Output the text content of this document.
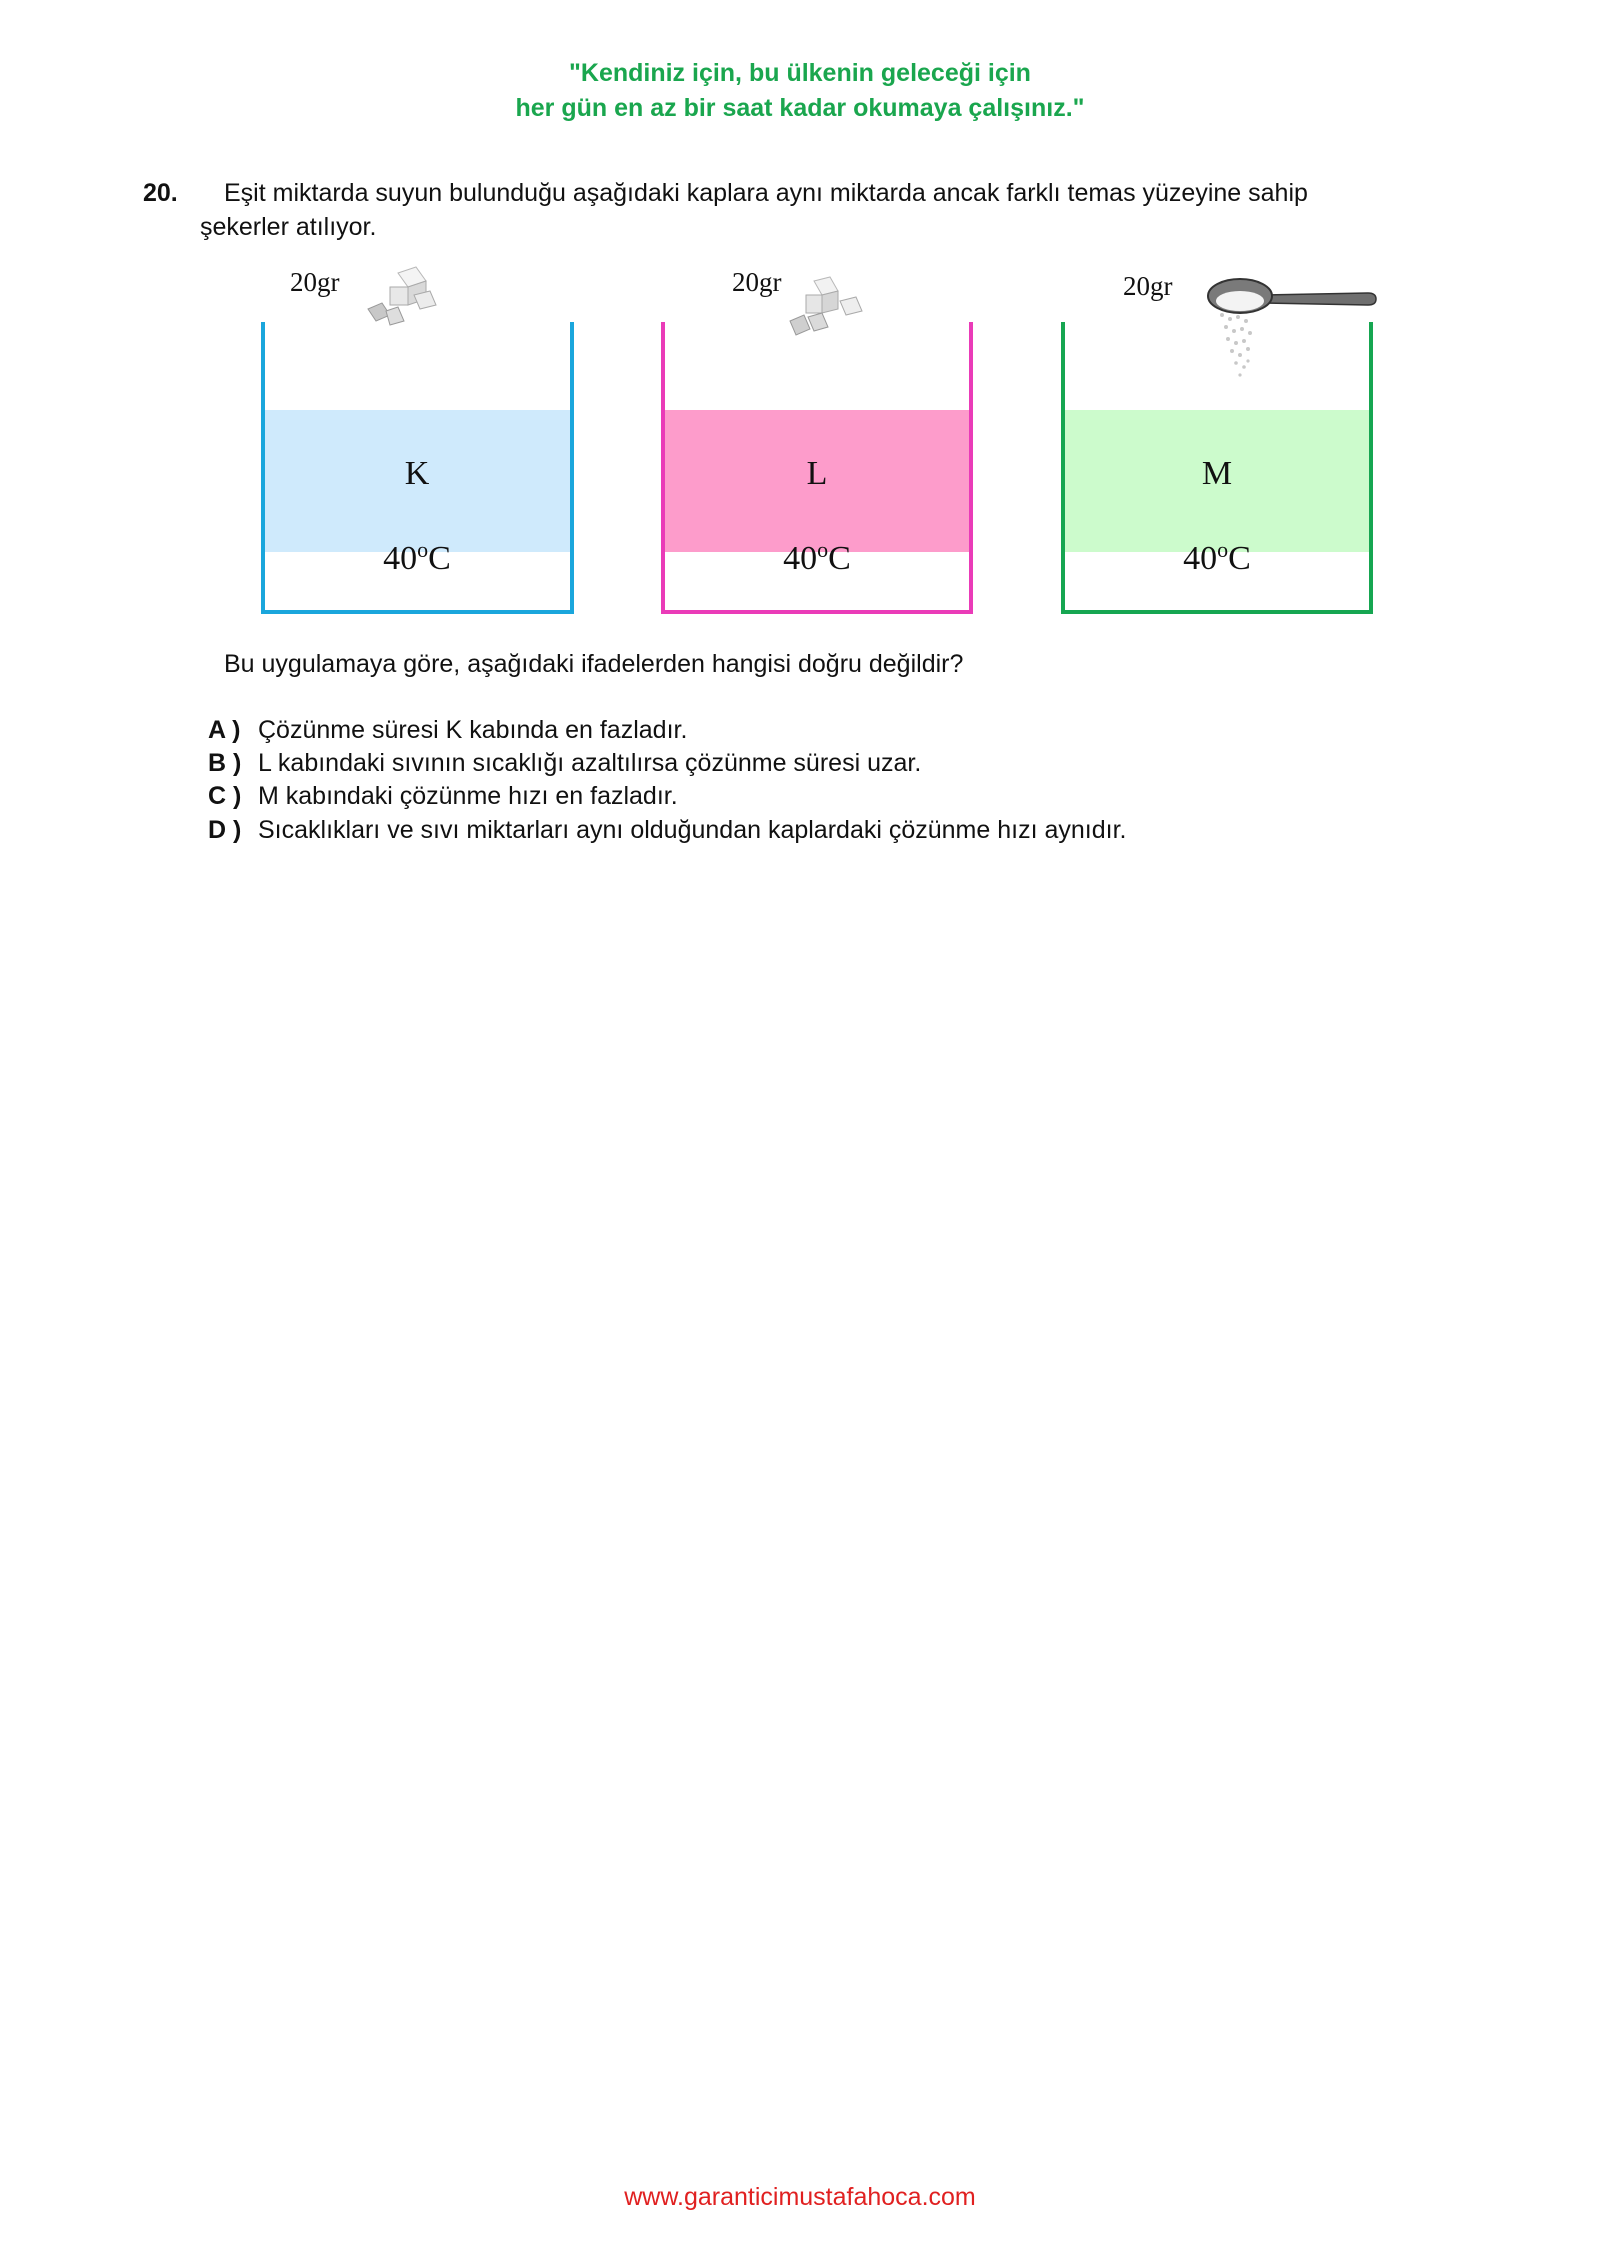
"Kendiniz için, bu ülkenin geleceği için
her gün en az bir saat kadar okumaya çalışınız."
20. Eşit miktarda suyun bulunduğu aşağıdaki kaplara aynı miktarda ancak farklı temas yüzeyine sahip
şekerler atılıyor.
K
40$^o$C
20gr
L
40$^o$C
20gr
M
40$^o$C
20gr
Bu uygulamaya göre, aşağıdaki ifadelerden hangisi doğru değildir?
A ) Çözünme süresi K kabında en fazladır.
B ) L kabındaki sıvının sıcaklığı azaltılırsa çözünme süresi uzar.
C ) M kabındaki çözünme hızı en fazladır.
D ) Sıcaklıkları ve sıvı miktarları aynı olduğundan kaplardaki çözünme hızı aynıdır.
www.garanticimustafahoca.com
